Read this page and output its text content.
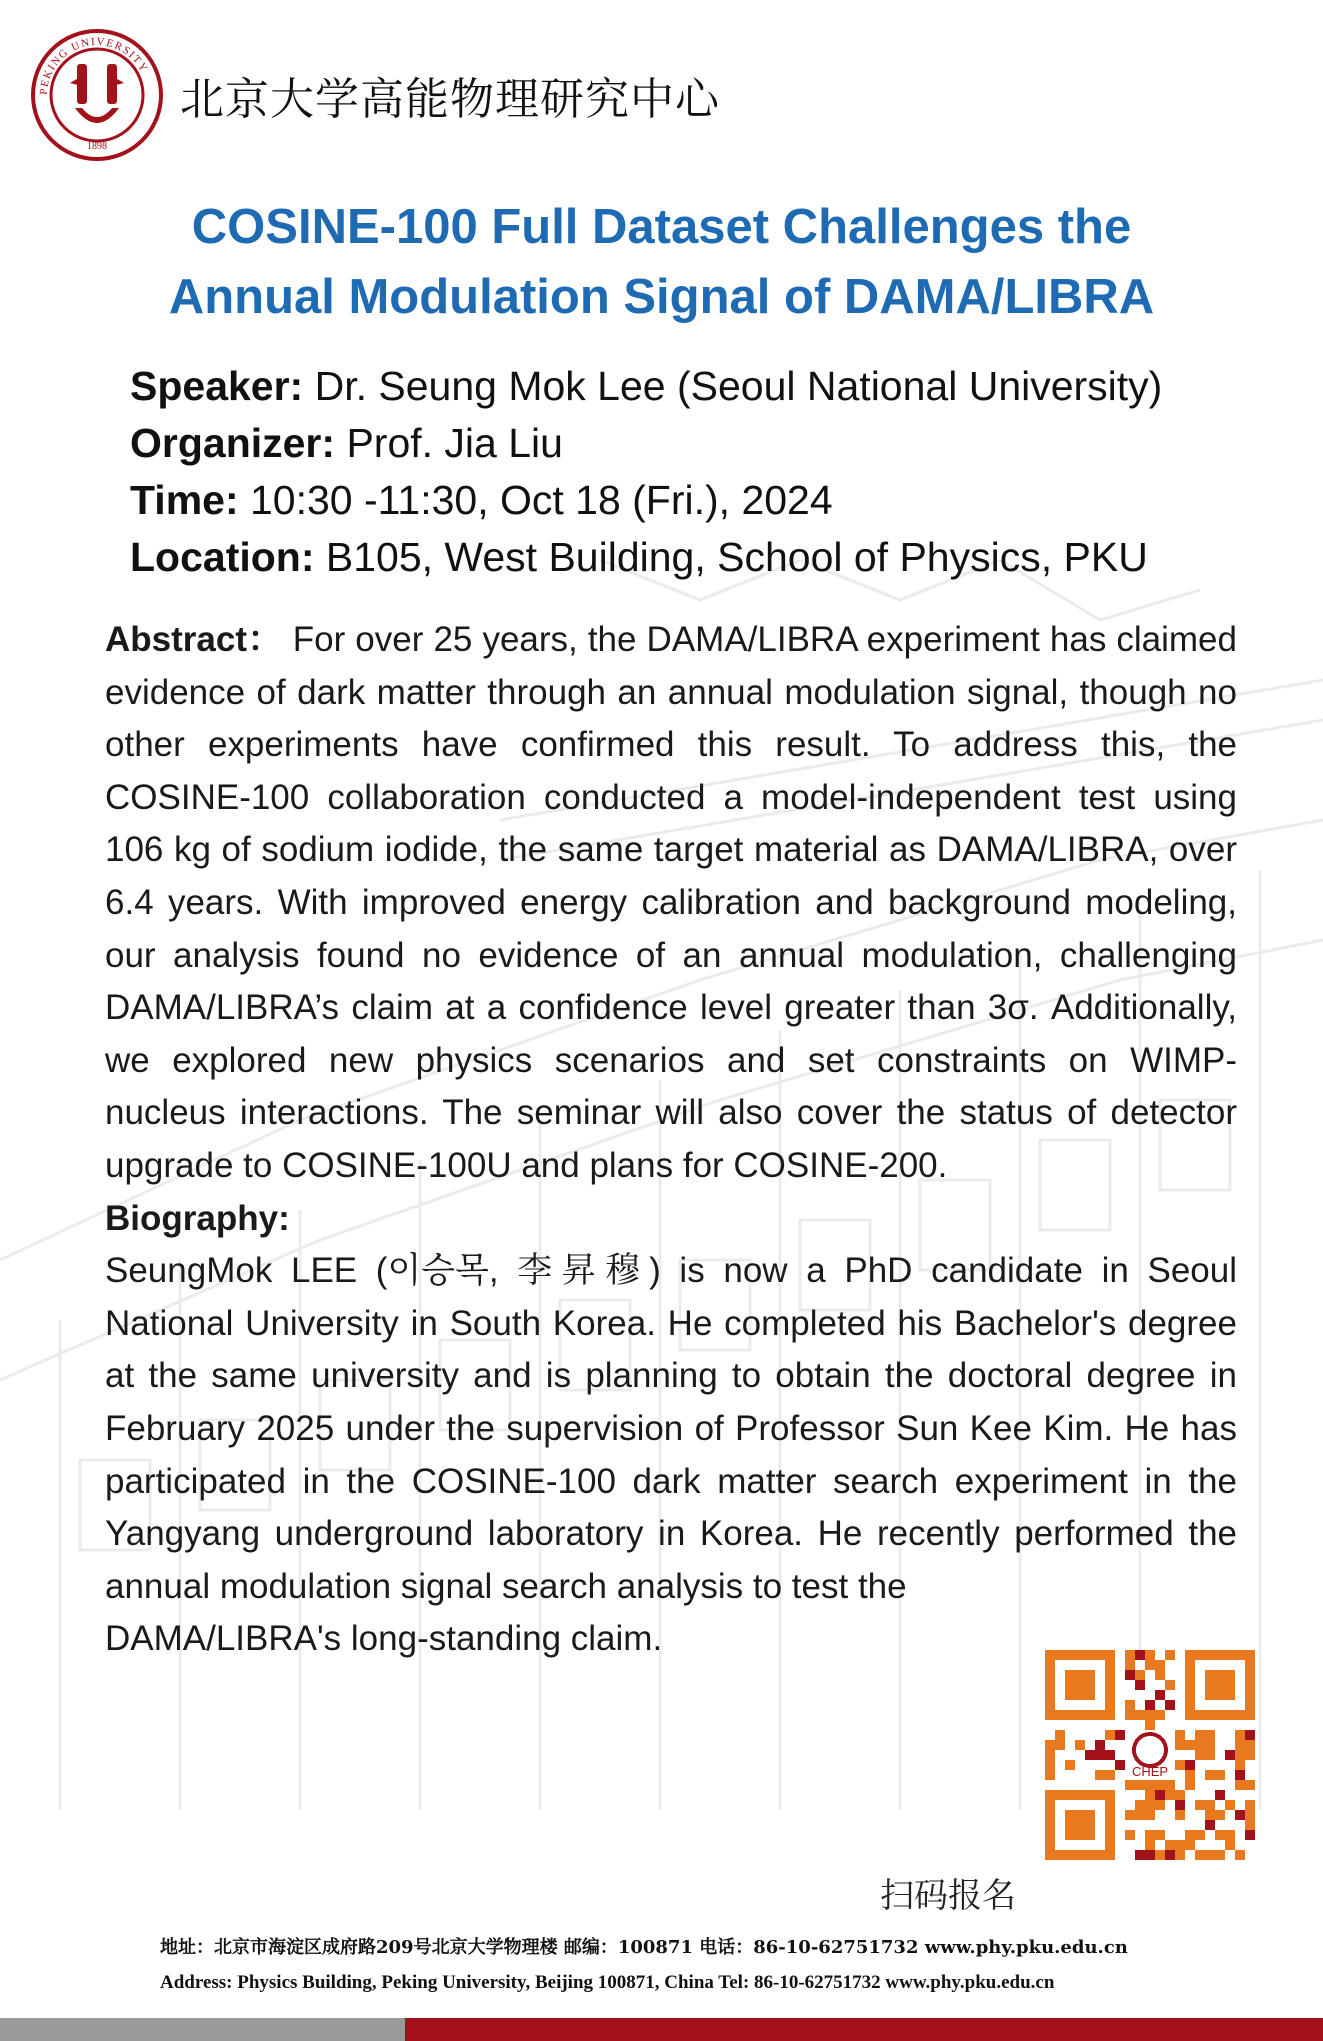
PEKING UNIVERSITY
1898
北京大学高能物理研究中心
COSINE-100 Full Dataset Challenges the
Annual Modulation Signal of DAMA/LIBRA
Speaker: Dr. Seung Mok Lee (Seoul National University)
Organizer: Prof. Jia Liu
Time: 10:30 -11:30, Oct 18 (Fri.), 2024
Location: B105, West Building, School of Physics, PKU

Abstract： For over 25 years, the DAMA/LIBRA experiment has claimed evidence of dark matter through an annual modulation signal, though no other experiments have confirmed this result. To address this, the COSINE-100 collaboration conducted a model-independent test using 106 kg of sodium iodide, the same target material as DAMA/LIBRA, over 6.4 years. With improved energy calibration and background modeling, our analysis found no evidence of an annual modulation, challenging DAMA/LIBRA’s claim at a confidence level greater than 3σ. Additionally, we explored new physics scenarios and set constraints on WIMP-nucleus interactions. The seminar will also cover the status of detector upgrade to COSINE-100U and plans for COSINE-200.

Biography:

SeungMok LEE (이승목, 李昇穆) is now a PhD candidate in Seoul National University in South Korea. He completed his Bachelor's degree at the same university and is planning to obtain the doctoral degree in February 2025 under the supervision of Professor Sun Kee Kim. He has participated in the COSINE-100 dark matter search experiment in the Yangyang underground laboratory in Korea. He recently performed the annual modulation signal search analysis to test the

DAMA/LIBRA's long-standing claim.

CHEP
扫码报名
地址：北京市海淀区成府路209号北京大学物理楼 邮编：100871 电话：86-10-62751732 www.phy.pku.edu.cn
Address: Physics Building, Peking University, Beijing 100871, China Tel: 86-10-62751732 www.phy.pku.edu.cn
